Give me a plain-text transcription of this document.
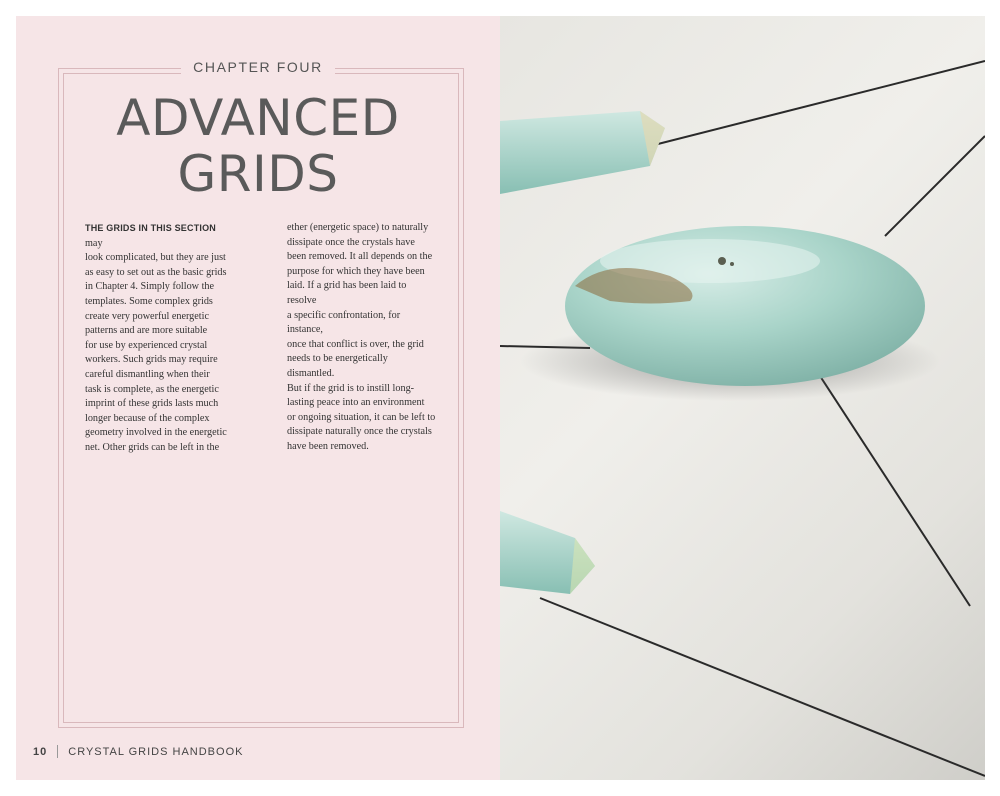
CHAPTER FOUR
ADVANCED
GRIDS
THE GRIDS IN THIS SECTION may
look complicated, but they are just
as easy to set out as the basic grids
in Chapter 4. Simply follow the
templates. Some complex grids
create very powerful energetic
patterns and are more suitable
for use by experienced crystal
workers. Such grids may require
careful dismantling when their
task is complete, as the energetic
imprint of these grids lasts much
longer because of the complex
geometry involved in the energetic
net. Other grids can be left in the
ether (energetic space) to naturally
dissipate once the crystals have
been removed. It all depends on the
purpose for which they have been
laid. If a grid has been laid to resolve
a specific confrontation, for instance,
once that conflict is over, the grid
needs to be energetically dismantled.
But if the grid is to instill long-
lasting peace into an environment
or ongoing situation, it can be left to
dissipate naturally once the crystals
have been removed.
10 CRYSTAL GRIDS HANDBOOK
